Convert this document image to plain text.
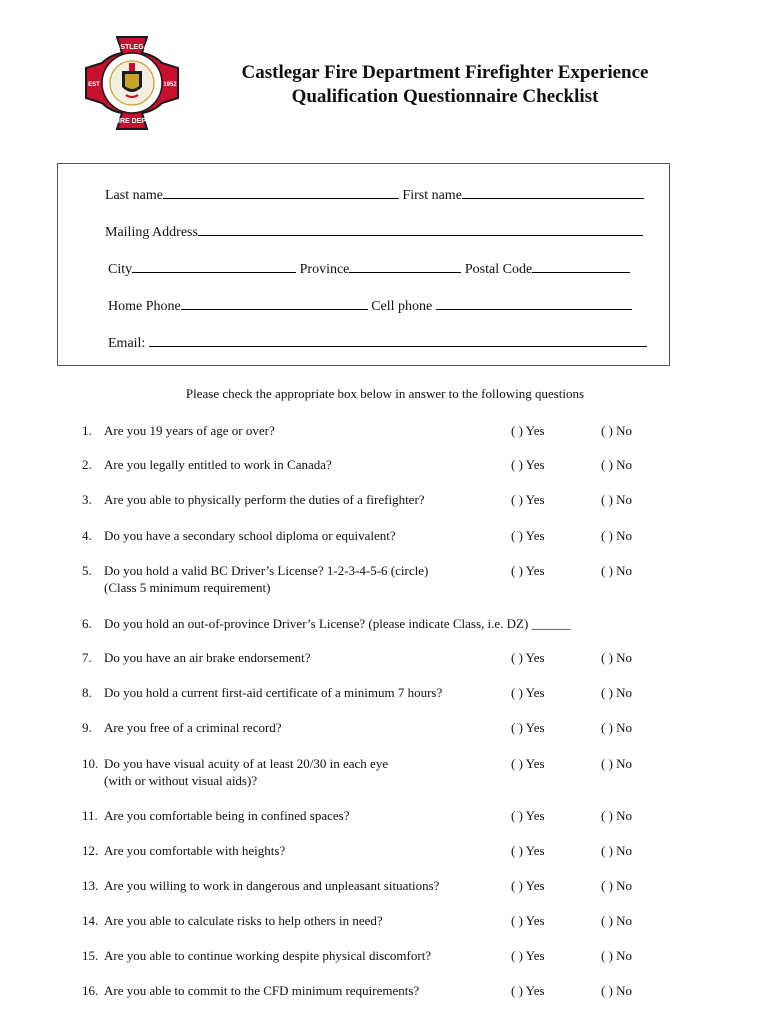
CASTLEGAR
FIRE DEPT
EST	1952
Castlegar Fire Department Firefighter Experience
Qualification Questionnaire Checklist
Last name	First name
Mailing Address
City	Province	Postal Code
Home Phone	Cell phone
Email:
Please check the appropriate box below in answer to the following questions
1. Are you 19 years of age or over?	( ) Yes	( ) No
2. Are you legally entitled to work in Canada?	( ) Yes	( ) No
3. Are you able to physically perform the duties of a firefighter?	( ) Yes	( ) No
4. Do you have a secondary school diploma or equivalent?	( ) Yes	( ) No
5. Do you hold a valid BC Driver’s License? 1-2-3-4-5-6 (circle)
(Class 5 minimum requirement)
( ) Yes	( ) No
6. Do you hold an out-of-province Driver’s License? (please indicate Class, i.e. DZ) ______
7. Do you have an air brake endorsement?	( ) Yes	( ) No
8. Do you hold a current first-aid certificate of a minimum 7 hours?	( ) Yes	( ) No
9. Are you free of a criminal record?	( ) Yes	( ) No
10. Do you have visual acuity of at least 20/30 in each eye
(with or without visual aids)?
( ) Yes	( ) No
11. Are you comfortable being in confined spaces?	( ) Yes	( ) No
12. Are you comfortable with heights?	( ) Yes	( ) No
13. Are you willing to work in dangerous and unpleasant situations?	( ) Yes	( ) No
14. Are you able to calculate risks to help others in need?	( ) Yes	( ) No
15. Are you able to continue working despite physical discomfort?	( ) Yes	( ) No
16. Are you able to commit to the CFD minimum requirements?	( ) Yes	( ) No
